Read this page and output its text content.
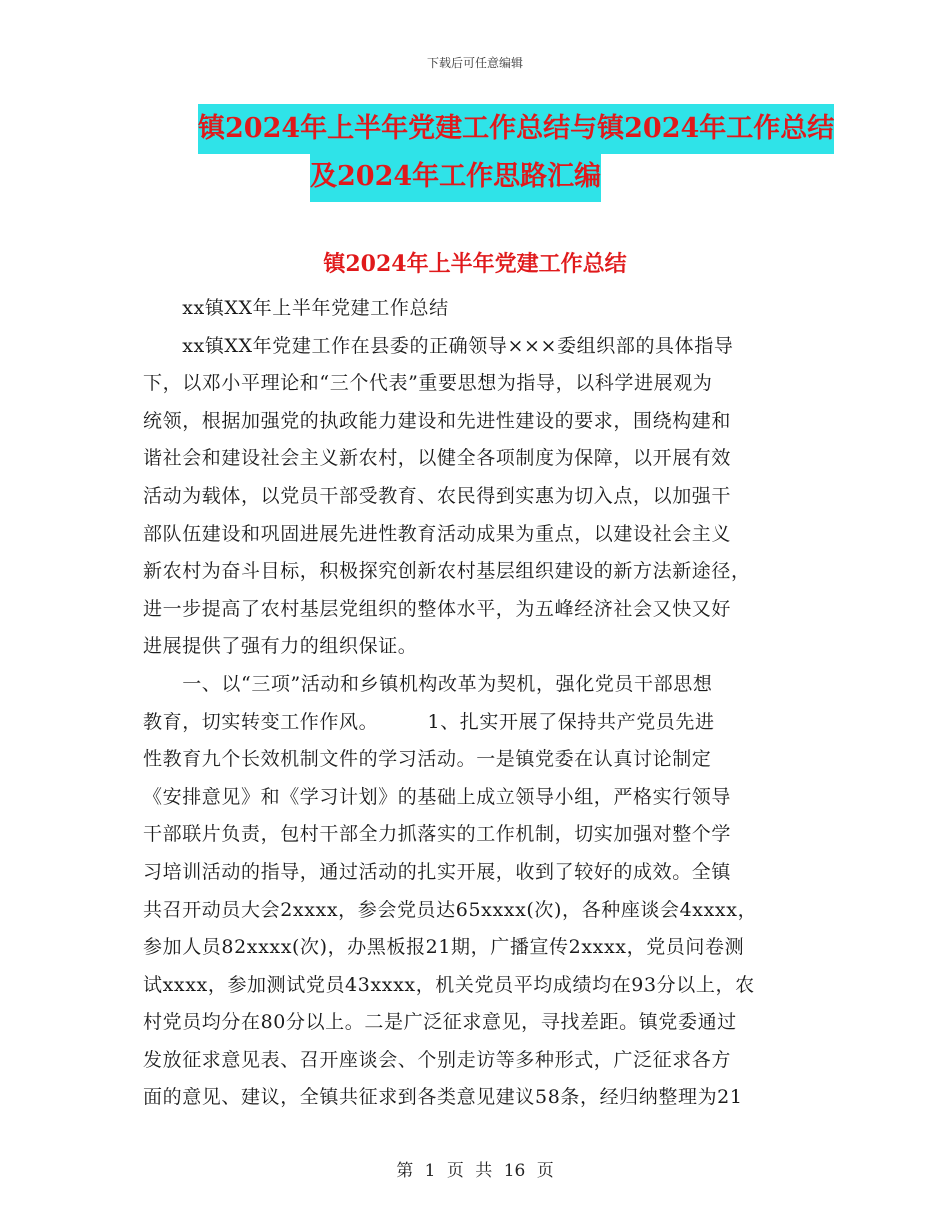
下载后可任意编辑
镇2024年上半年党建工作总结与镇2024年工作总结
及2024年工作思路汇编
镇2024年上半年党建工作总结
　　xx镇XX年上半年党建工作总结
　　xx镇XX年党建工作在县委的正确领导×××委组织部的具体指导
下，以邓小平理论和“三个代表”重要思想为指导，以科学进展观为
统领，根据加强党的执政能力建设和先进性建设的要求，围绕构建和
谐社会和建设社会主义新农村，以健全各项制度为保障，以开展有效
活动为载体，以党员干部受教育、农民得到实惠为切入点，以加强干
部队伍建设和巩固进展先进性教育活动成果为重点，以建设社会主义
新农村为奋斗目标，积极探究创新农村基层组织建设的新方法新途径，
进一步提高了农村基层党组织的整体水平，为五峰经济社会又快又好
进展提供了强有力的组织保证。
　　一、以“三项”活动和乡镇机构改革为契机，强化党员干部思想
教育，切实转变工作作风。　　　1、扎实开展了保持共产党员先进
性教育九个长效机制文件的学习活动。一是镇党委在认真讨论制定
《安排意见》和《学习计划》的基础上成立领导小组，严格实行领导
干部联片负责，包村干部全力抓落实的工作机制，切实加强对整个学
习培训活动的指导，通过活动的扎实开展，收到了较好的成效。全镇
共召开动员大会2xxxx，参会党员达65xxxx(次)，各种座谈会4xxxx，
参加人员82xxxx(次)，办黑板报21期，广播宣传2xxxx，党员问卷测
试xxxx，参加测试党员43xxxx，机关党员平均成绩均在93分以上，农
村党员均分在80分以上。二是广泛征求意见，寻找差距。镇党委通过
发放征求意见表、召开座谈会、个别走访等多种形式，广泛征求各方
面的意见、建议，全镇共征求到各类意见建议58条，经归纳整理为21
第 1 页 共 16 页
